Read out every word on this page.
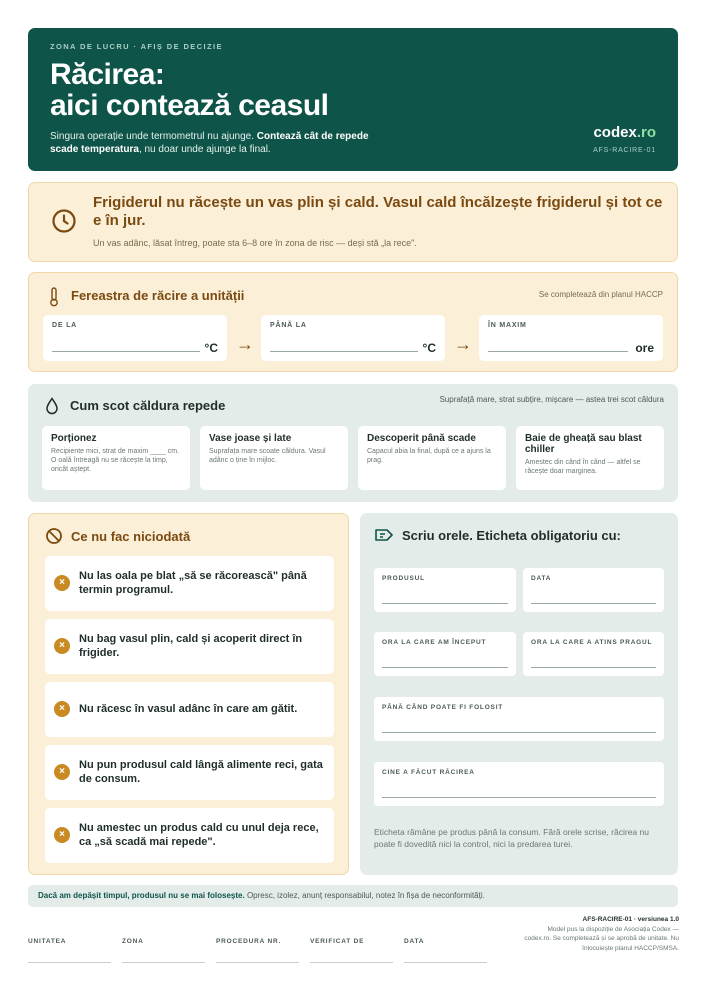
ZONA DE LUCRU · AFIȘ DE DECIZIE
Răcirea:
aici contează ceasul
Singura operație unde termometrul nu ajunge. Contează cât de repede scade temperatura, nu doar unde ajunge la final.
codex.ro
AFS-RACIRE-01
Frigiderul nu răcește un vas plin și cald. Vasul cald încălzește frigiderul și tot ce e în jur.
Un vas adânc, lăsat întreg, poate sta 6–8 ore în zona de risc — deși stă „la rece".
Fereastra de răcire a unității	Se completează din planul HACCP
DE LA
°C →
PÂNĂ LA
°C →
ÎN MAXIM
ore
Cum scot căldura repede	Suprafață mare, strat subțire, mișcare — astea trei scot căldura
Porționez
Recipiente mici, strat de maxim ____ cm. O oală întreagă nu se răcește la timp, oricât aștept.
Vase joase și late
Suprafața mare scoate căldura. Vasul adânc o ține în mijloc.
Descoperit până scade
Capacul abia la final, după ce a ajuns la prag.
Baie de gheață sau blast chiller
Amestec din când în când — altfel se răcește doar marginea.
Ce nu fac niciodată
×
Nu las oala pe blat „să se răcorească" până termin programul.
×
Nu bag vasul plin, cald și acoperit direct în frigider.
×	Nu răcesc în vasul adânc în care am gătit.
×
Nu pun produsul cald lângă alimente reci, gata de consum.
×
Nu amestec un produs cald cu unul deja rece, ca „să scadă mai repede".
Scriu orele. Eticheta obligatoriu cu:
PRODUSUL	DATA
ORA LA CARE AM ÎNCEPUT	ORA LA CARE A ATINS PRAGUL
PÂNĂ CÂND POATE FI FOLOSIT
CINE A FĂCUT RĂCIREA
Eticheta rămâne pe produs până la consum. Fără orele scrise, răcirea nu poate fi dovedită nici la control, nici la predarea turei.
Dacă am depășit timpul, produsul nu se mai folosește. Opresc, izolez, anunț responsabilul, notez în fișa de neconformități.
UNITATEA	ZONA	PROCEDURA NR.	VERIFICAT DE	DATA
AFS-RACIRE-01 · versiunea 1.0
Model pus la dispoziție de Asociația Codex — codex.ro. Se completează și se aprobă de unitate. Nu înlocuiește planul HACCP/SMSA.
